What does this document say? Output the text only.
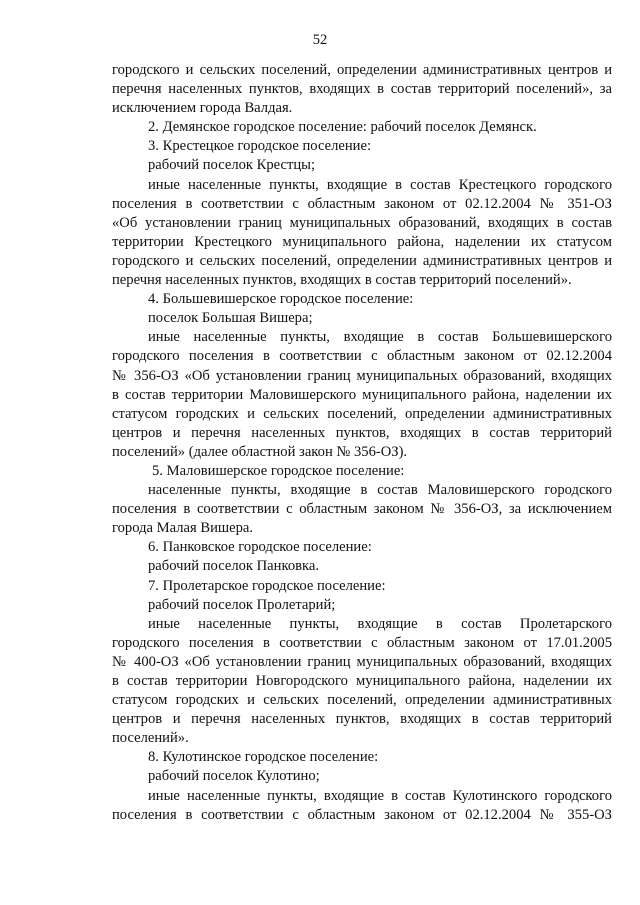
52
городского и сельских поселений, определении административных центров и
перечня населенных пунктов, входящих в состав территорий поселений», за
исключением города Валдая.
2. Демянское городское поселение: рабочий поселок Демянск.
3. Крестецкое городское поселение:
рабочий поселок Крестцы;
иные населенные пункты, входящие в состав Крестецкого городского
поселения в соответствии с областным законом от 02.12.2004 № 351-ОЗ
«Об установлении границ муниципальных образований, входящих в состав
территории Крестецкого муниципального района, наделении их статусом
городского и сельских поселений, определении административных центров и
перечня населенных пунктов, входящих в состав территорий поселений».
4. Большевишерское городское поселение:
поселок Большая Вишера;
иные населенные пункты, входящие в состав Большевишерского
городского поселения в соответствии с областным законом от 02.12.2004
№ 356-ОЗ «Об установлении границ муниципальных образований, входящих
в состав территории Маловишерского муниципального района, наделении их
статусом городских и сельских поселений, определении административных
центров и перечня населенных пунктов, входящих в состав территорий
поселений» (далее областной закон № 356-ОЗ).
5. Маловишерское городское поселение:
населенные пункты, входящие в состав Маловишерского городского
поселения в соответствии с областным законом № 356-ОЗ, за исключением
города Малая Вишера.
6. Панковское городское поселение:
рабочий поселок Панковка.
7. Пролетарское городское поселение:
рабочий поселок Пролетарий;
иные населенные пункты, входящие в состав Пролетарского
городского поселения в соответствии с областным законом от 17.01.2005
№ 400-ОЗ «Об установлении границ муниципальных образований, входящих
в состав территории Новгородского муниципального района, наделении их
статусом городских и сельских поселений, определении административных
центров и перечня населенных пунктов, входящих в состав территорий
поселений».
8. Кулотинское городское поселение:
рабочий поселок Кулотино;
иные населенные пункты, входящие в состав Кулотинского городского
поселения в соответствии с областным законом от 02.12.2004 № 355-ОЗ
